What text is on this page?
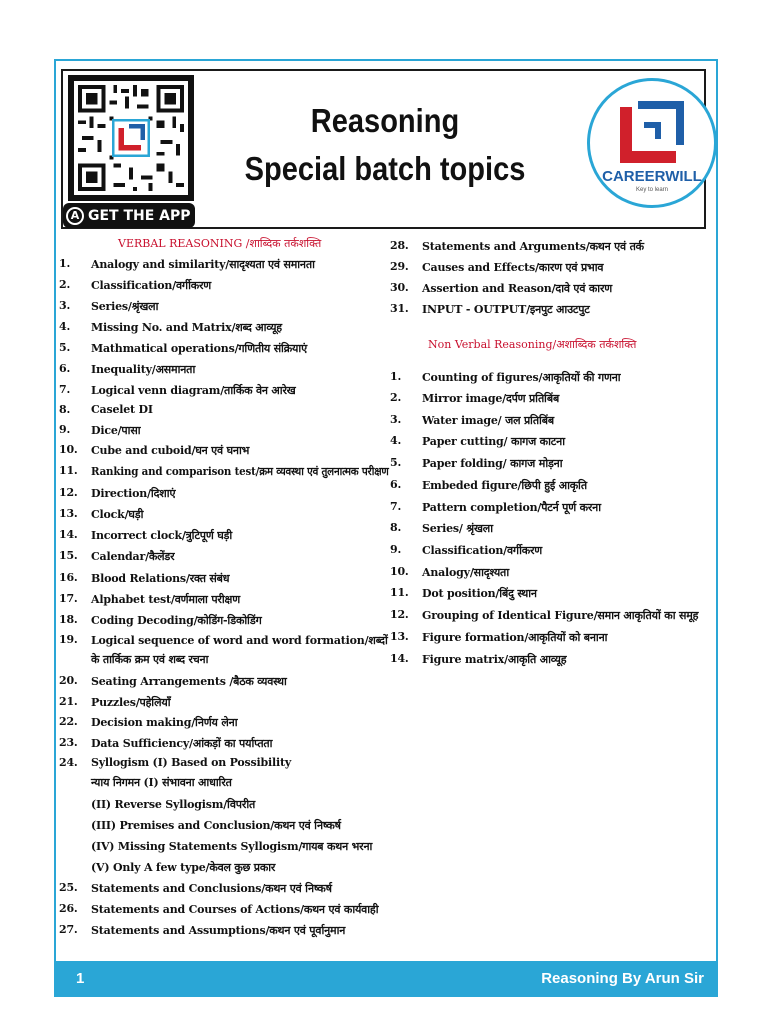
A GET THE APP
Reasoning
Special batch topics	CAREERWILL
Key to learn
VERBAL REASONING /शाब्दिक तर्कशक्ति
1. Analogy and similarity/सादृश्यता एवं समानता
2. Classification/वर्गीकरण
3. Series/श्रृंखला
4. Missing No. and Matrix/शब्द आव्यूह
5. Mathmatical operations/गणितीय संक्रियाएं
6. Inequality/असमानता
7. Logical venn diagram/तार्किक वेन आरेख
8. Caselet DI
9. Dice/पासा
10. Cube and cuboid/घन एवं घनाभ
11. Ranking and comparison test/क्रम व्यवस्था एवं तुलनात्मक परीक्षण
12. Direction/दिशाएं
13. Clock/घड़ी
14. Incorrect clock/त्रुटिपूर्ण घड़ी
15. Calendar/कैलेंडर
16. Blood Relations/रक्त संबंध
17. Alphabet test/वर्णमाला परीक्षण
18. Coding Decoding/कोडिंग-डिकोडिंग
19. Logical sequence of word and word formation/शब्दों
के तार्किक क्रम एवं शब्द रचना
20. Seating Arrangements /बैठक व्यवस्था
21. Puzzles/पहेलियाँ
22. Decision making/निर्णय लेना
23. Data Sufficiency/आंकड़ों का पर्याप्तता
24. Syllogism (I) Based on Possibility
न्याय निगमन (I) संभावना आधारित
(II) Reverse Syllogism/विपरीत
(III) Premises and Conclusion/कथन एवं निष्कर्ष
(IV) Missing Statements Syllogism/गायब कथन भरना
(V) Only A few type/केवल कुछ प्रकार
25. Statements and Conclusions/कथन एवं निष्कर्ष
26. Statements and Courses of Actions/कथन एवं कार्यवाही
27. Statements and Assumptions/कथन एवं पूर्वानुमान
28. Statements and Arguments/कथन एवं तर्क
29. Causes and Effects/कारण एवं प्रभाव
30. Assertion and Reason/दावे एवं कारण
31. INPUT - OUTPUT/इनपुट आउटपुट
Non Verbal Reasoning/अशाब्दिक तर्कशक्ति
1. Counting of figures/आकृतियों की गणना
2. Mirror image/दर्पण प्रतिबिंब
3. Water image/ जल प्रतिबिंब
4. Paper cutting/ कागज काटना
5. Paper folding/ कागज मोड़ना
6. Embeded figure/छिपी हुई आकृति
7. Pattern completion/पैटर्न पूर्ण करना
8. Series/ श्रृंखला
9. Classification/वर्गीकरण
10. Analogy/सादृश्यता
11. Dot position/बिंदु स्थान
12. Grouping of Identical Figure/समान आकृतियों का समूह
13. Figure formation/आकृतियों को बनाना
14. Figure matrix/आकृति आव्यूह
1	Reasoning By Arun Sir
